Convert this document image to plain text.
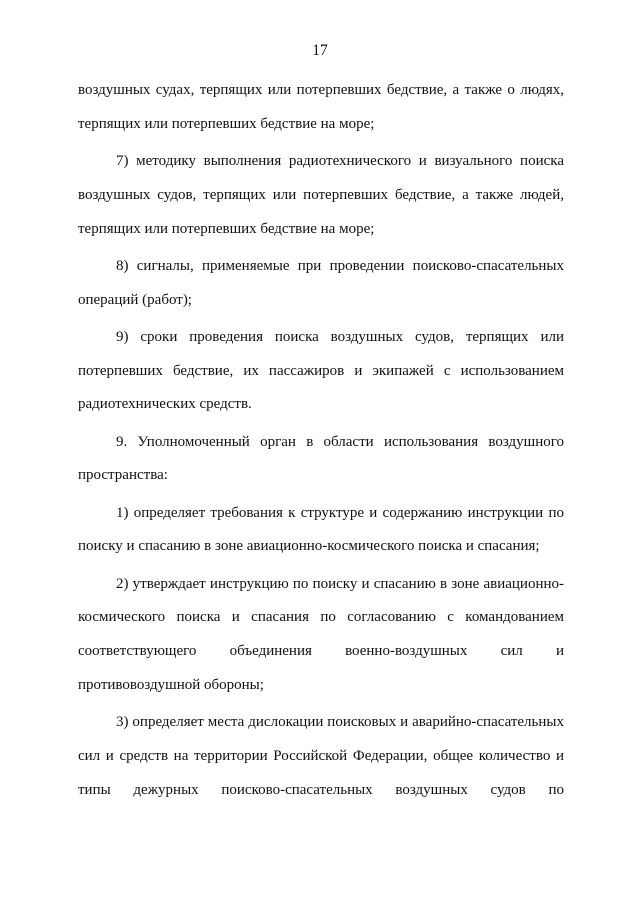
17

воздушных судах, терпящих или потерпевших бедствие, а также о людях, терпящих или потерпевших бедствие на море;

7) методику выполнения радиотехнического и визуального поиска воздушных судов, терпящих или потерпевших бедствие, а также людей, терпящих или потерпевших бедствие на море;

8) сигналы, применяемые при проведении поисково-спасательных операций (работ);

9) сроки проведения поиска воздушных судов, терпящих или потерпевших бедствие, их пассажиров и экипажей с использованием радиотехнических средств.

9. Уполномоченный орган в области использования воздушного пространства:

1) определяет требования к структуре и содержанию инструкции по поиску и спасанию в зоне авиационно-космического поиска и спасания;

2) утверждает инструкцию по поиску и спасанию в зоне авиационно-космического поиска и спасания по согласованию с командованием соответствующего объединения военно-воздушных сил и противовоздушной обороны;

3) определяет места дислокации поисковых и аварийно-спасательных сил и средств на территории Российской Федерации, общее количество и типы дежурных поисково-спасательных воздушных судов по
